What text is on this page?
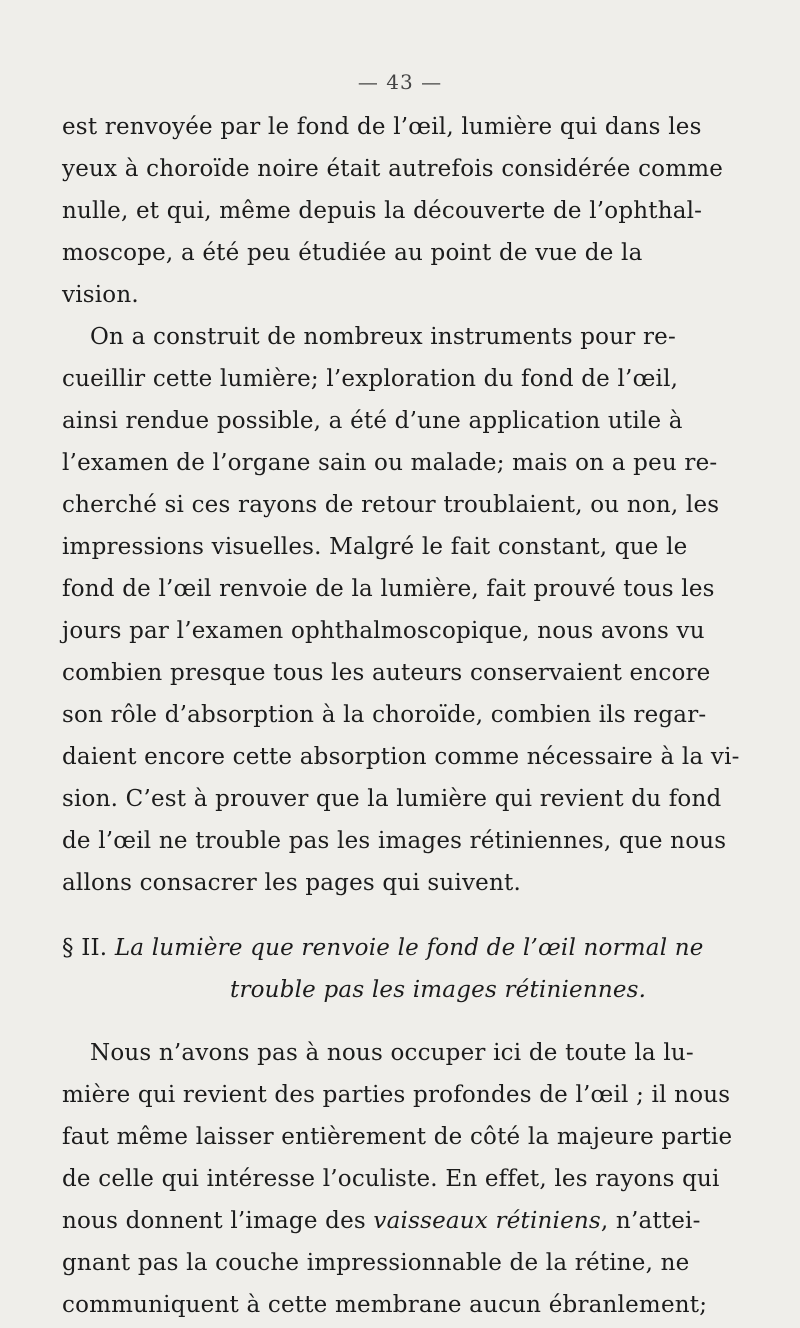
— 43 —
est renvoyée par le fond de l’œil, lumière qui dans les
yeux à choroïde noire était autrefois considérée comme
nulle, et qui, même depuis la découverte de l’ophthal-
moscope, a été peu étudiée au point de vue de la
vision.
On a construit de nombreux instruments pour re-
cueillir cette lumière; l’exploration du fond de l’œil,
ainsi rendue possible, a été d’une application utile à
l’examen de l’organe sain ou malade; mais on a peu re-
cherché si ces rayons de retour troublaient, ou non, les
impressions visuelles. Malgré le fait constant, que le
fond de l’œil renvoie de la lumière, fait prouvé tous les
jours par l’examen ophthalmoscopique, nous avons vu
combien presque tous les auteurs conservaient encore
son rôle d’absorption à la choroïde, combien ils regar-
daient encore cette absorption comme nécessaire à la vi-
sion. C’est à prouver que la lumière qui revient du fond
de l’œil ne trouble pas les images rétiniennes, que nous
allons consacrer les pages qui suivent.
§ II. La lumière que renvoie le fond de l’œil normal ne
trouble pas les images rétiniennes.
Nous n’avons pas à nous occuper ici de toute la lu-
mière qui revient des parties profondes de l’œil ; il nous
faut même laisser entièrement de côté la majeure partie
de celle qui intéresse l’oculiste. En effet, les rayons qui
nous donnent l’image des vaisseaux rétiniens, n’attei-
gnant pas la couche impressionnable de la rétine, ne
communiquent à cette membrane aucun ébranlement;
